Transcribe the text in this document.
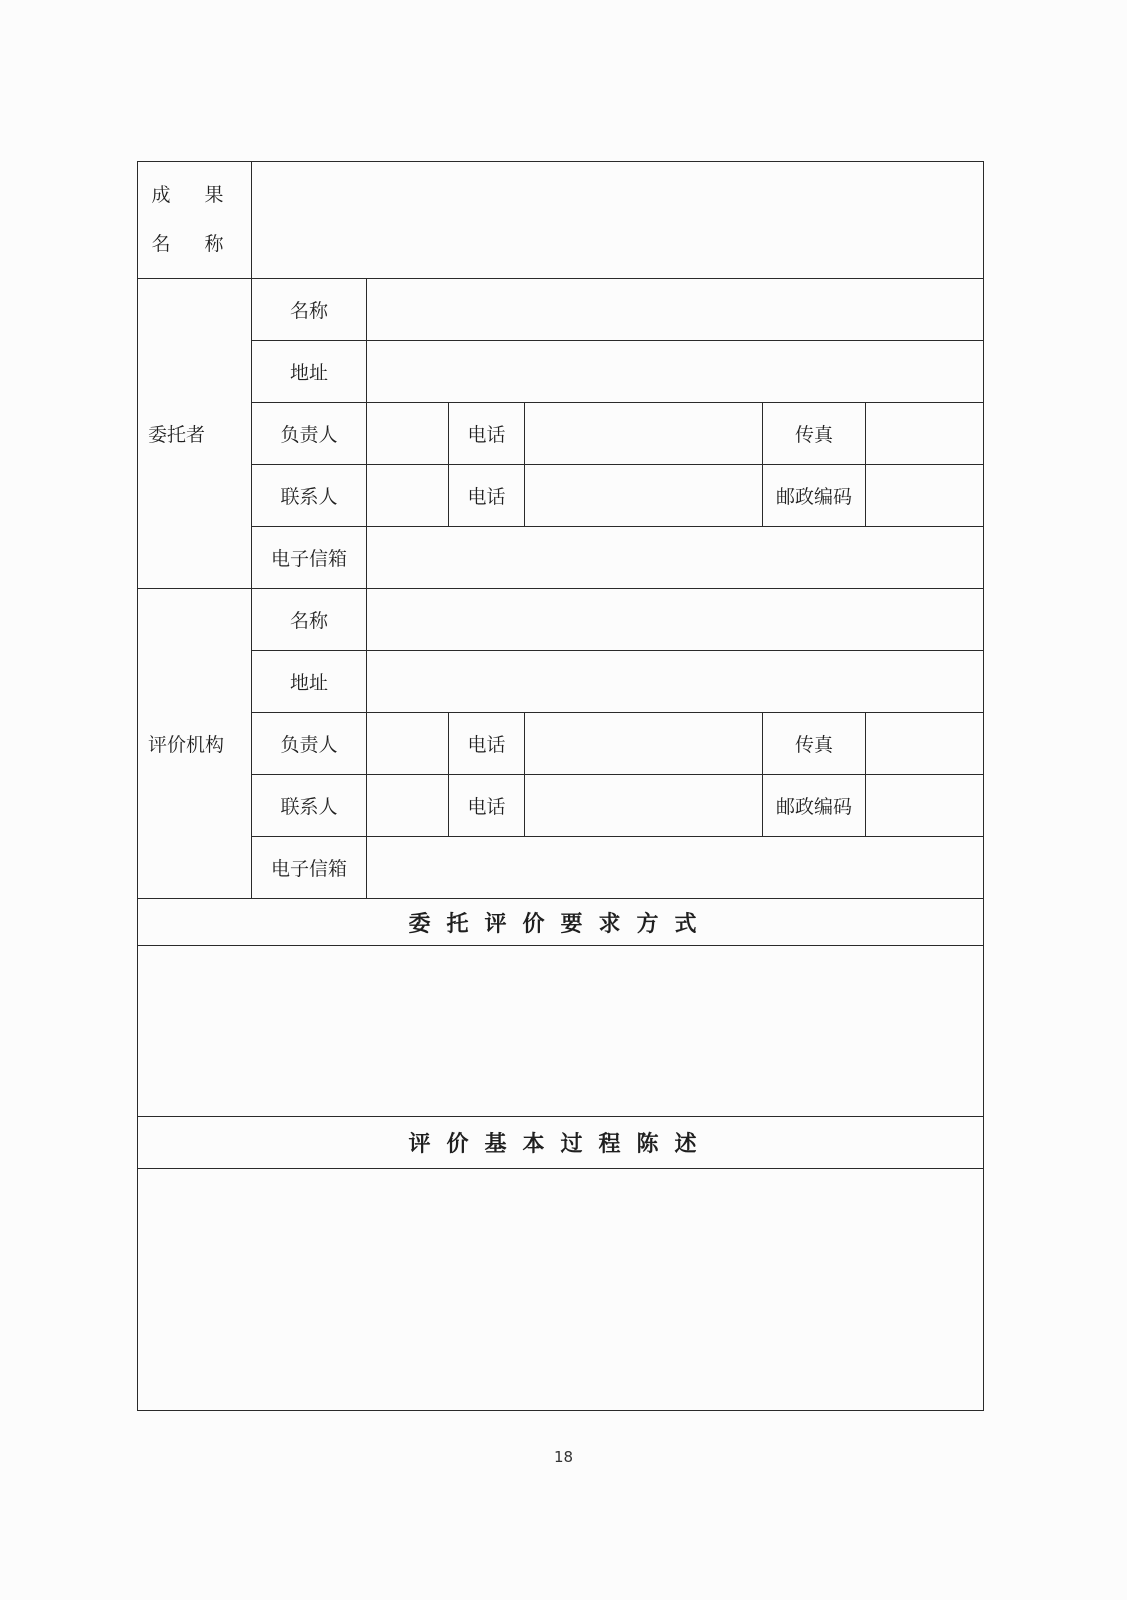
成 果
名 称						

委托者	名称					
	地址					
	负责人		电话		传真	
	联系人		电话		邮政编码	
	电子信箱					
评价机构	名称					
	地址					
	负责人		电话		传真	
	联系人		电话		邮政编码	
	电子信箱					
委托评价要求方式						

评价基本过程陈述						

18
